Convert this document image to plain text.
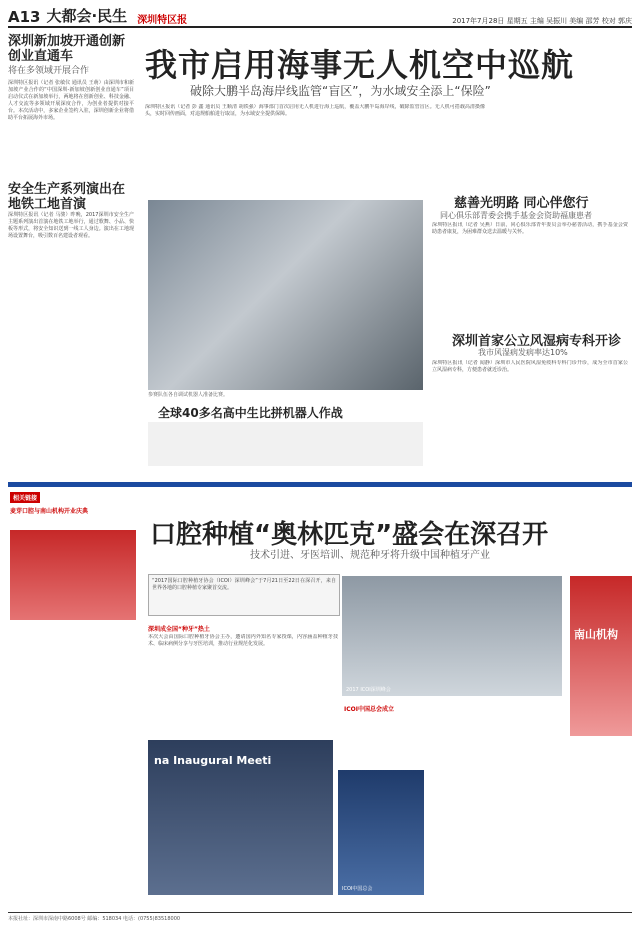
A13 大都会·民生 深圳特区报	2017年7月28日 星期五 主编 吴振川 美编 邵芳 校对 郭庆
深圳新加坡开通创新创业直通车
将在多领域开展合作
深圳特区报讯（记者 张敏仪 通讯员 王萌）由深圳市和新加坡产业合作的“中国深圳-新加坡创新创业直通车”项目启动仪式在新加坡举行，两地将在创新创业、科技金融、人才交流等多领域开展深度合作，为创业者提供对接平台。本次活动中，多家企业签约入驻，深圳创新企业将借助平台拓展海外市场。
安全生产系列演出在地铁工地首演
深圳特区报讯（记者 马骏）昨晚，2017深圳市安全生产主题系列演出首演在地铁工地举行，通过歌舞、小品、快板等形式，将安全知识送到一线工人身边。演出在工地现场设置舞台，吸引数百名建设者观看。
我市启用海事无人机空中巡航
破除大鹏半岛海岸线监管“盲区”，为水域安全添上“保险”
深圳特区报讯（记者 彭 鑫 通讯员 王顺清 胡铁强）海事部门首次启用无人机进行海上巡航，覆盖大鹏半岛海岸线，破除监管盲区。无人机可搭载高清摄像头，实时回传画面，对违规船舶进行取证，为水域安全提供保障。
参赛队伍各自调试机器人准备比赛。
全球40多名高中生比拼机器人作战
慈善光明路 同心伴您行
同心俱乐部青委会携手基金会资助福康患者
深圳特区报讯（记者 吴燕）日前，同心俱乐部青年委员会举办慈善活动，携手基金会资助患者康复，为困难群众送去温暖与关怀。
深圳首家公立风湿病专科开诊
我市风湿病发病率达10%
深圳特区报讯（记者 闻静）深圳市人民医院风湿免疫科专科门诊开诊，成为全市首家公立风湿病专科，方便患者就近诊治。
相关链接
麦芽口腔与南山机构开业庆典
口腔种植“奥林匹克”盛会在深召开
技术引进、牙医培训、规范种牙将升级中国种植牙产业
“2017国际口腔种植牙协会（ICOI）深圳峰会”于7月21日至22日在深召开，来自世界各地的口腔种植专家聚首交流。
2017 ICOI深圳峰会
南山机构
深圳成全国“种牙”热土
本次大会由国际口腔种植牙协会主办，邀请国内外知名专家授课，内容涵盖种植牙技术、临床病例分享与牙医培训，推动行业规范化发展。
na Inaugural Meeti
ICOI中国总会
ICOI中国总会成立
本报社址：深圳市深南中路6008号 邮编：518034 电话：(0755)83518000
